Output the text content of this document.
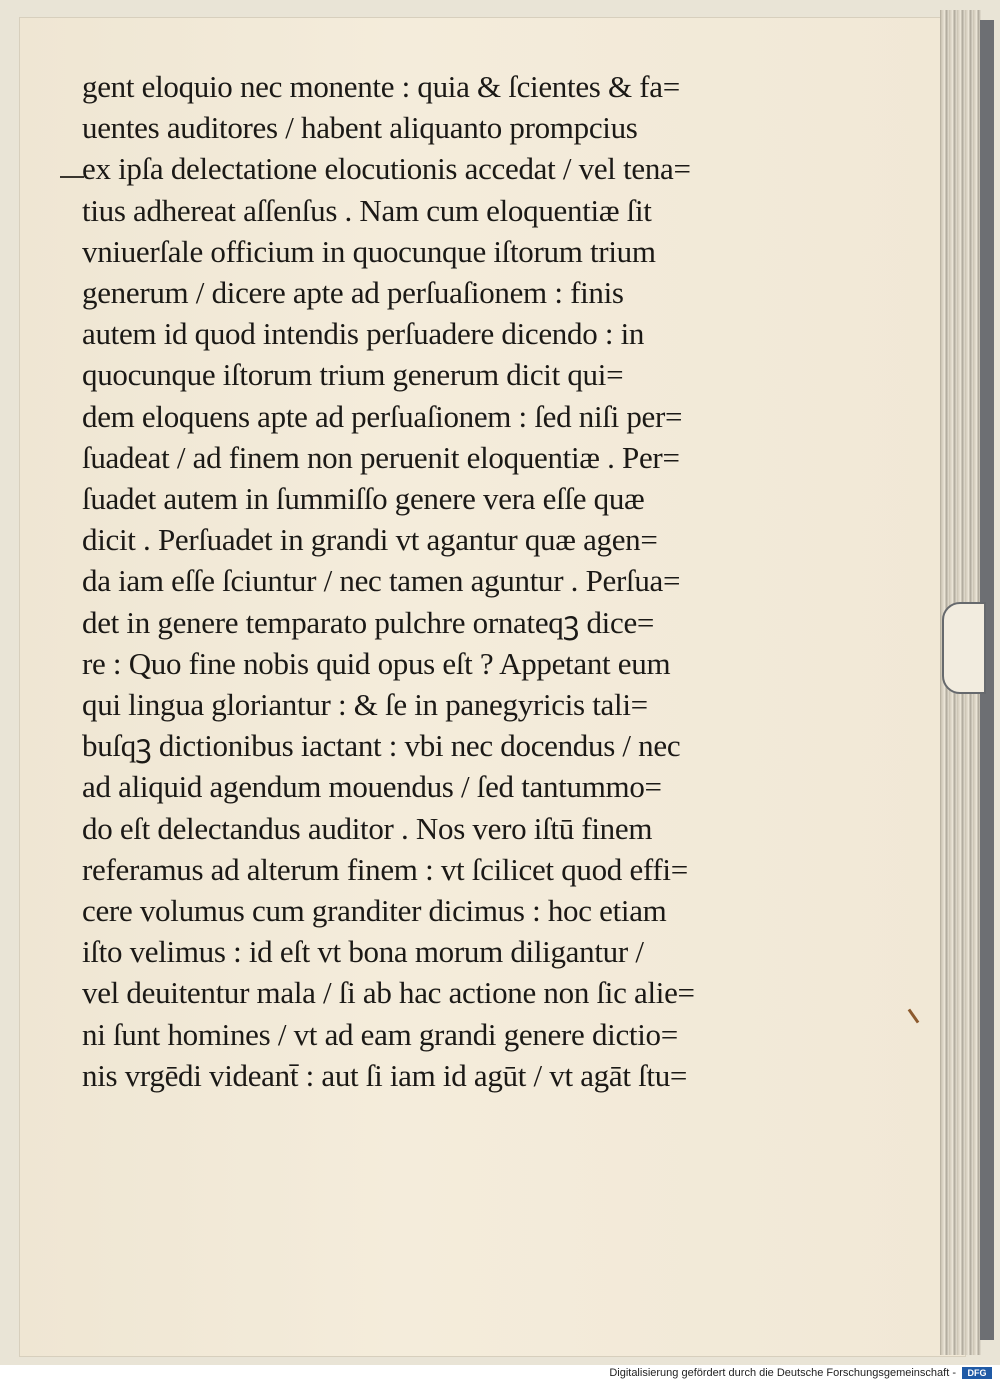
gent eloquio nec monente : quia & ſcientes & fa=
uentes auditores / habent aliquanto prompcius
ex ipſa delectatione elocutionis accedat / vel tena=
tius adhereat aſſenſus . Nam cum eloquentiæ ſit
vniuerſale officium in quocunque iſtorum trium
generum / dicere apte ad perſuaſionem : finis
autem id quod intendis perſuadere dicendo : in
quocunque iſtorum trium generum dicit qui=
dem eloquens apte ad perſuaſionem : ſed niſi per=
ſuadeat / ad finem non peruenit eloquentiæ . Per=
ſuadet autem in ſummiſſo genere vera eſſe quæ
dicit . Perſuadet in grandi vt agantur quæ agen=
da iam eſſe ſciuntur / nec tamen aguntur . Perſua=
det in genere temparato pulchre ornateqꝫ dice=
re : Quo fine nobis quid opus eſt ? Appetant eum
qui lingua gloriantur : & ſe in panegyricis tali=
buſqꝫ dictionibus iactant : vbi nec docendus / nec
ad aliquid agendum mouendus / ſed tantummo=
do eſt delectandus auditor . Nos vero iſtū finem
referamus ad alterum finem : vt ſcilicet quod effi=
cere volumus cum granditer dicimus : hoc etiam
iſto velimus : id eſt vt bona morum diligantur /
vel deuitentur mala / ſi ab hac actione non ſic alie=
ni ſunt homines / vt ad eam grandi genere dictio=
nis vrgēdi videant̄ : aut ſi iam id agūt / vt agāt ſtu=
Digitalisierung gefördert durch die Deutsche Forschungsgemeinschaft -	DFG
